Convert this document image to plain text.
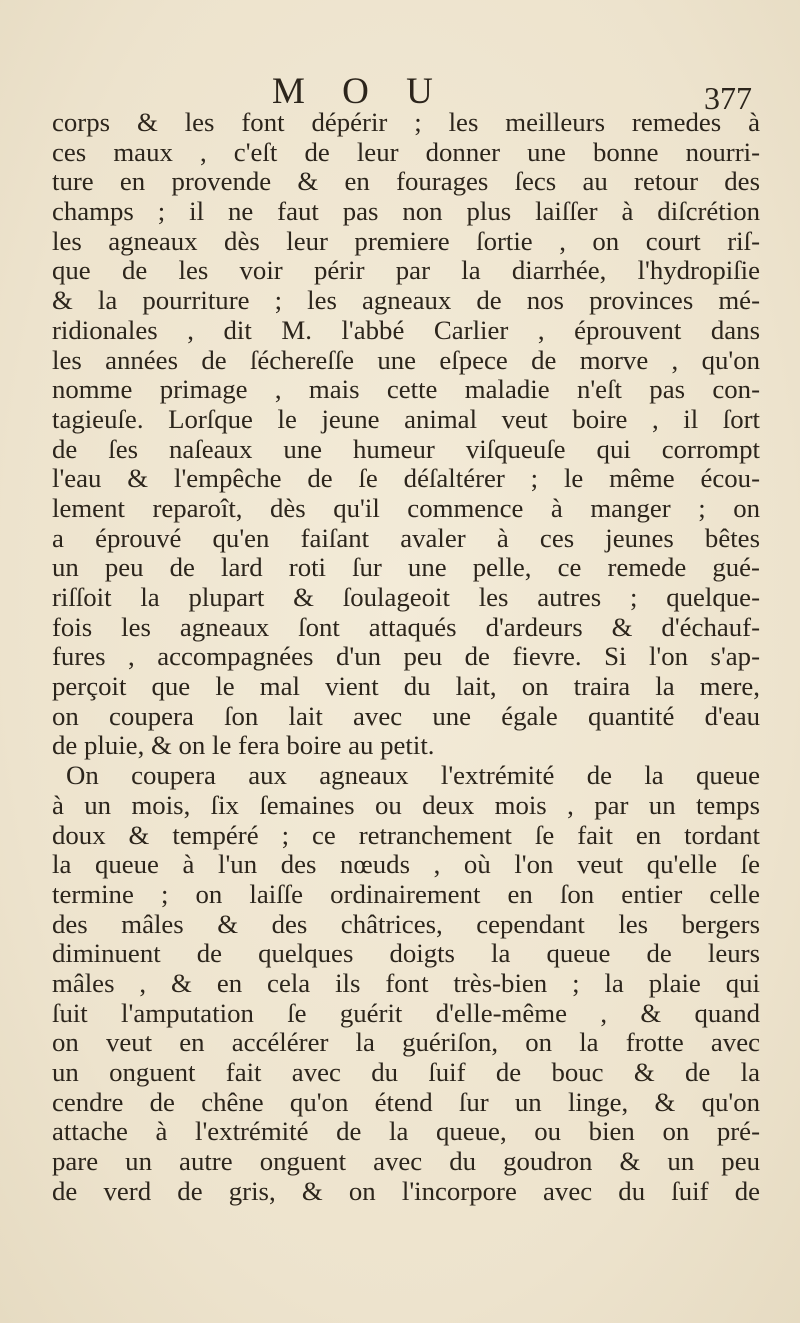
M O U	377
corps & les font dépérir ; les meilleurs remedes à
ces maux , c'eſt de leur donner une bonne nourri-
ture en provende & en fourages ſecs au retour des
champs ; il ne faut pas non plus laiſſer à diſcrétion
les agneaux dès leur premiere ſortie , on court riſ-
que de les voir périr par la diarrhée, l'hydropiſie
& la pourriture ; les agneaux de nos provinces mé-
ridionales , dit M. l'abbé Carlier , éprouvent dans
les années de ſéchereſſe une eſpece de morve , qu'on
nomme primage , mais cette maladie n'eſt pas con-
tagieuſe. Lorſque le jeune animal veut boire , il ſort
de ſes naſeaux une humeur viſqueuſe qui corrompt
l'eau & l'empêche de ſe déſaltérer ; le même écou-
lement reparoît, dès qu'il commence à manger ; on
a éprouvé qu'en faiſant avaler à ces jeunes bêtes
un peu de lard roti ſur une pelle, ce remede gué-
riſſoit la plupart & ſoulageoit les autres ; quelque-
fois les agneaux ſont attaqués d'ardeurs & d'échauf-
fures , accompagnées d'un peu de fievre. Si l'on s'ap-
perçoit que le mal vient du lait, on traira la mere,
on coupera ſon lait avec une égale quantité d'eau
de pluie, & on le fera boire au petit.
On coupera aux agneaux l'extrémité de la queue
à un mois, ſix ſemaines ou deux mois , par un temps
doux & tempéré ; ce retranchement ſe fait en tordant
la queue à l'un des nœuds , où l'on veut qu'elle ſe
termine ; on laiſſe ordinairement en ſon entier celle
des mâles & des châtrices, cependant les bergers
diminuent de quelques doigts la queue de leurs
mâles , & en cela ils font très-bien ; la plaie qui
ſuit l'amputation ſe guérit d'elle-même , & quand
on veut en accélérer la guériſon, on la frotte avec
un onguent fait avec du ſuif de bouc & de la
cendre de chêne qu'on étend ſur un linge, & qu'on
attache à l'extrémité de la queue, ou bien on pré-
pare un autre onguent avec du goudron & un peu
de verd de gris, & on l'incorpore avec du ſuif de
